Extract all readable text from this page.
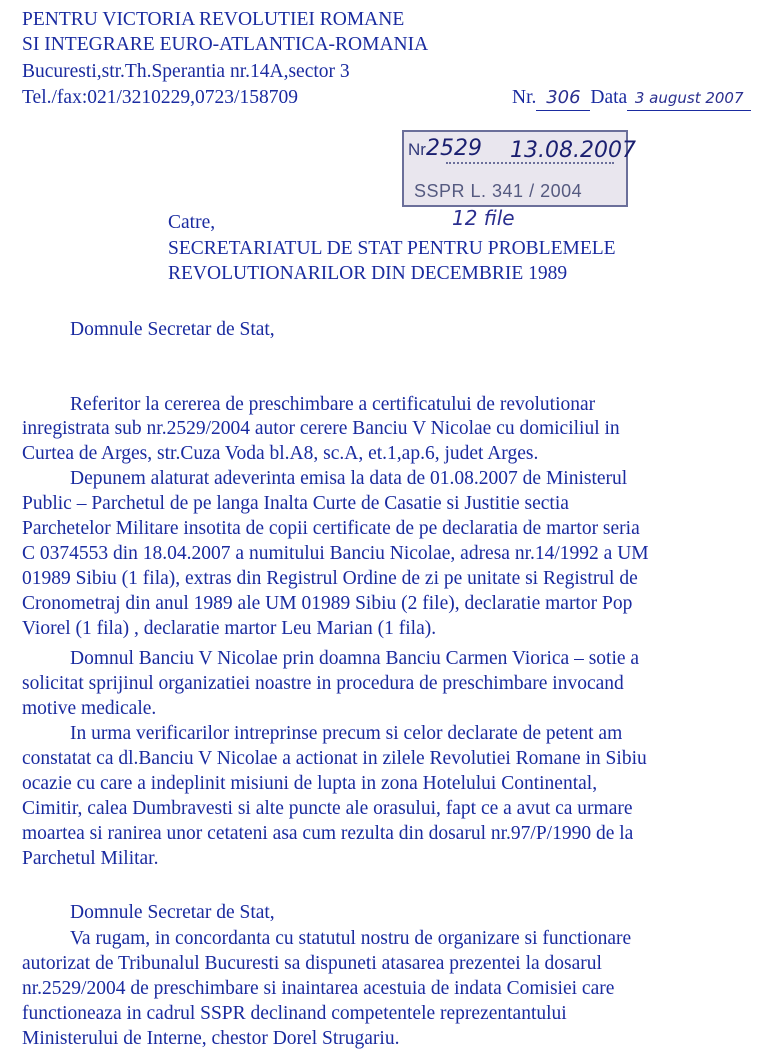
PENTRU VICTORIA REVOLUTIEI ROMANE
SI INTEGRARE EURO-ATLANTICA-ROMANIA
Bucuresti,str.Th.Sperantia nr.14A,sector 3
Tel./fax:021/3210229,0723/158709	Nr. 306 Data 3 august 2007
Nr 2529 13.08.2007
SSPR L. 341 / 2004
12 file
Catre,
SECRETARIATUL DE STAT PENTRU PROBLEMELE
REVOLUTIONARILOR DIN DECEMBRIE 1989
Domnule Secretar de Stat,
Referitor la cererea de preschimbare a certificatului de revolutionar
inregistrata sub nr.2529/2004 autor cerere Banciu V Nicolae cu domiciliul in
Curtea de Arges, str.Cuza Voda bl.A8, sc.A, et.1,ap.6, judet Arges.
Depunem alaturat adeverinta emisa la data de 01.08.2007 de Ministerul
Public – Parchetul de pe langa Inalta Curte de Casatie si Justitie sectia
Parchetelor Militare insotita de copii certificate de pe declaratia de martor seria
C 0374553 din 18.04.2007 a numitului Banciu Nicolae, adresa nr.14/1992 a UM
01989 Sibiu (1 fila), extras din Registrul Ordine de zi pe unitate si Registrul de
Cronometraj din anul 1989 ale UM 01989 Sibiu (2 file), declaratie martor Pop
Viorel (1 fila) , declaratie martor Leu Marian (1 fila).
Domnul Banciu V Nicolae prin doamna Banciu Carmen Viorica – sotie a
solicitat sprijinul organizatiei noastre in procedura de preschimbare invocand
motive medicale.
In urma verificarilor intreprinse precum si celor declarate de petent am
constatat ca dl.Banciu V Nicolae a actionat in zilele Revolutiei Romane in Sibiu
ocazie cu care a indeplinit misiuni de lupta in zona Hotelului Continental,
Cimitir, calea Dumbravesti si alte puncte ale orasului, fapt ce a avut ca urmare
moartea si ranirea unor cetateni asa cum rezulta din dosarul nr.97/P/1990 de la
Parchetul Militar.
Domnule Secretar de Stat,
Va rugam, in concordanta cu statutul nostru de organizare si functionare
autorizat de Tribunalul Bucuresti sa dispuneti atasarea prezentei la dosarul
nr.2529/2004 de preschimbare si inaintarea acestuia de indata Comisiei care
functioneaza in cadrul SSPR declinand competentele reprezentantului
Ministerului de Interne, chestor Dorel Strugariu.
